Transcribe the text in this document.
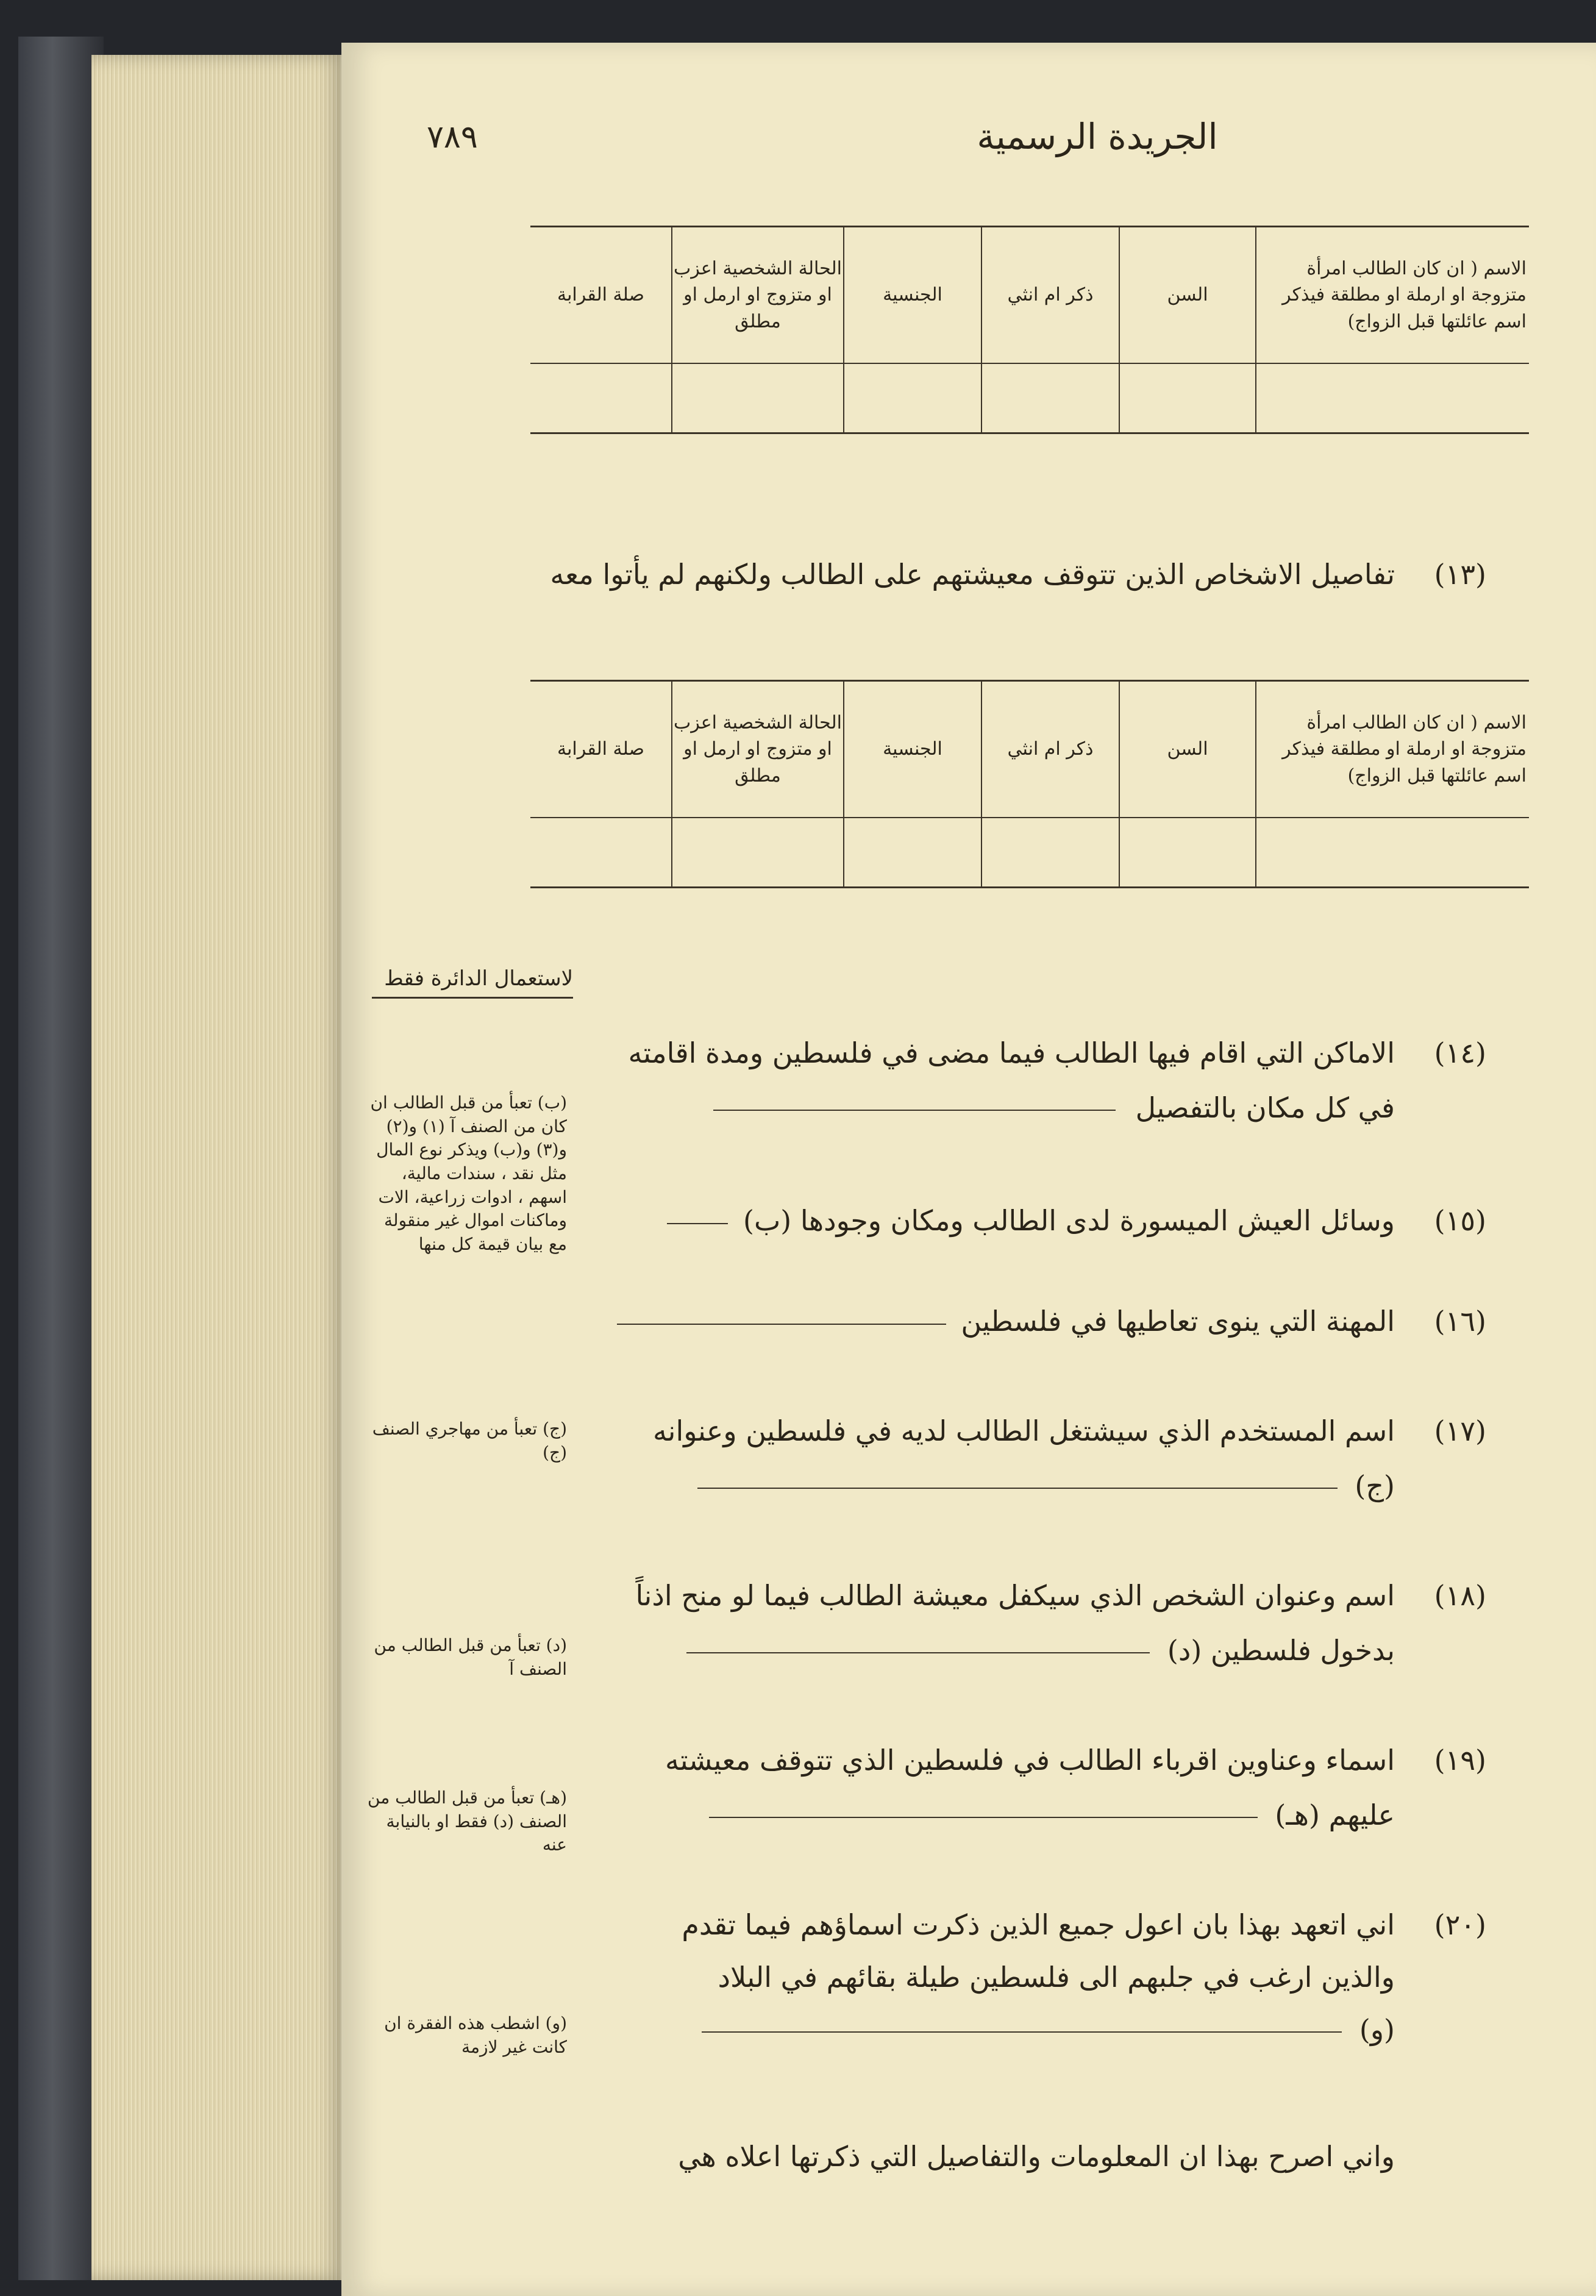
الجريدة الرسمية
٧٨٩
الاسم ( ان كان الطالب امرأة متزوجة او ارملة او مطلقة فيذكر اسم عائلتها قبل الزواج)	السن	ذكر ام انثي	الجنسية	الحالة الشخصية اعزب او متزوج او ارمل او مطلق	صلة القرابة

(١٣)
تفاصيل الاشخاص الذين تتوقف معيشتهم على الطالب ولكنهم لم يأتوا معه
الاسم ( ان كان الطالب امرأة متزوجة او ارملة او مطلقة فيذكر اسم عائلتها قبل الزواج)	السن	ذكر ام انثي	الجنسية	الحالة الشخصية اعزب او متزوج او ارمل او مطلق	صلة القرابة

لاستعمال الدائرة فقط
(١٤)
الاماكن التي اقام فيها الطالب فيما مضى في فلسطين ومدة اقامته
في كل مكان بالتفصيل
(١٥)
وسائل العيش الميسورة لدى الطالب ومكان وجودها (ب)
(١٦)
المهنة التي ينوى تعاطيها في فلسطين
(١٧)
اسم المستخدم الذي سيشتغل الطالب لديه في فلسطين وعنوانه
(ج)
(١٨)
اسم وعنوان الشخص الذي سيكفل معيشة الطالب فيما لو منح اذناً
بدخول فلسطين (د)
(١٩)
اسماء وعناوين اقرباء الطالب في فلسطين الذي تتوقف معيشته
عليهم (هـ)
(٢٠)
اني اتعهد بهذا بان اعول جميع الذين ذكرت اسماؤهم فيما تقدم
والذين ارغب في جلبهم الى فلسطين طيلة بقائهم في البلاد
(و)
واني اصرح بهذا ان المعلومات والتفاصيل التي ذكرتها اعلاه هي
(ب) تعبأ من قبل الطالب ان كان من الصنف آ (١) و(٢) و(٣) و(ب) ويذكر نوع المال مثل نقد ، سندات مالية، اسهم ، ادوات زراعية، الات وماكنات اموال غير منقولة مع بيان قيمة كل منها
(ج) تعبأ من مهاجري الصنف (ج)
(د) تعبأ من قبل الطالب من الصنف آ
(هـ) تعبأ من قبل الطالب من الصنف (د) فقط او بالنيابة عنه
(و) اشطب هذه الفقرة ان كانت غير لازمة
